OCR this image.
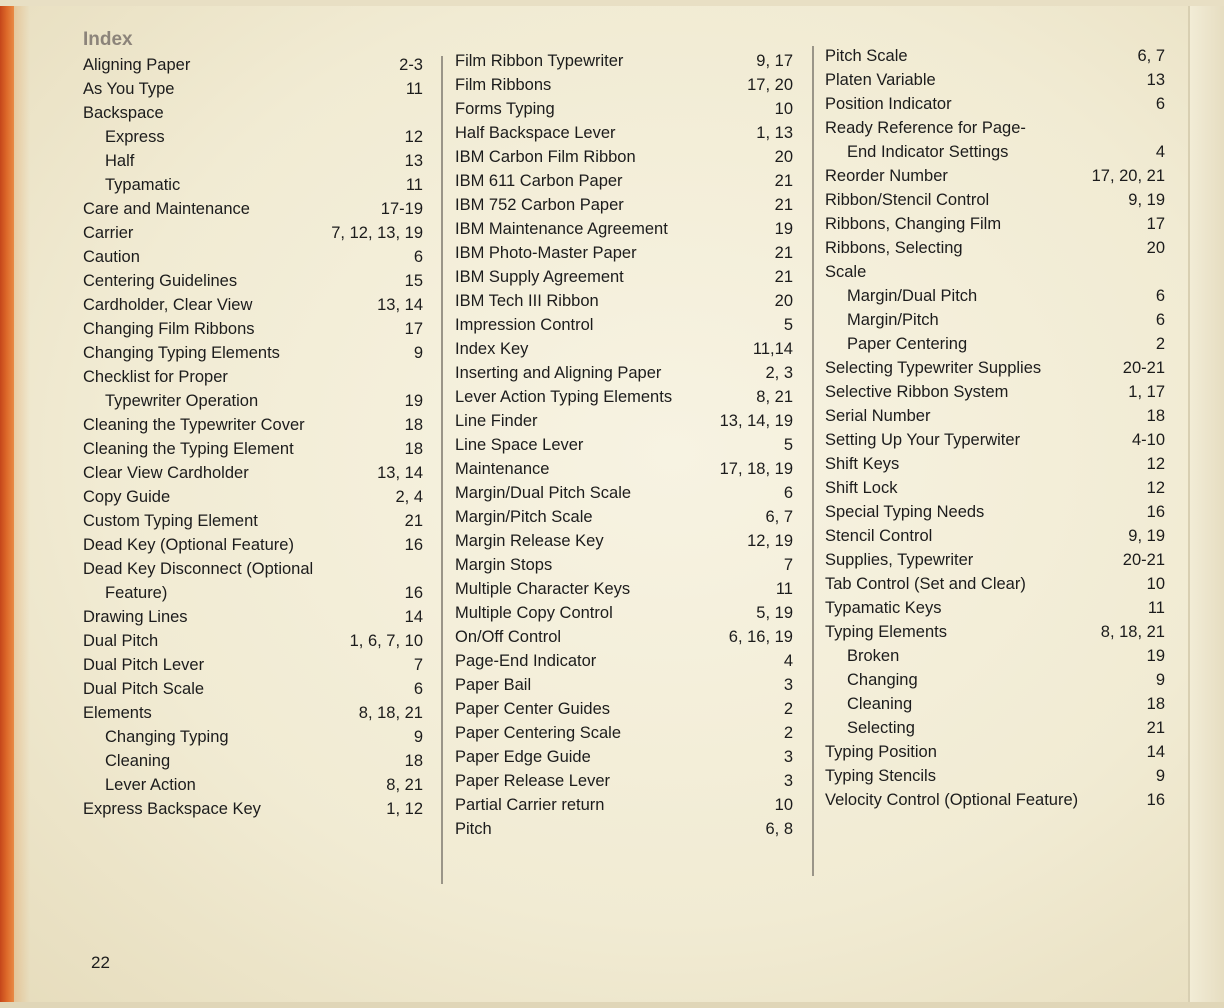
Index
Aligning Paper	2-3
As You Type	11
Backspace
Express	12
Half	13
Typamatic	11
Care and Maintenance	17-19
Carrier	7, 12, 13, 19
Caution	6
Centering Guidelines	15
Cardholder, Clear View	13, 14
Changing Film Ribbons	17
Changing Typing Elements	9
Checklist for Proper
Typewriter Operation	19
Cleaning the Typewriter Cover	18
Cleaning the Typing Element	18
Clear View Cardholder	13, 14
Copy Guide	2, 4
Custom Typing Element	21
Dead Key (Optional Feature)	16
Dead Key Disconnect (Optional
Feature)	16
Drawing Lines	14
Dual Pitch	1, 6, 7, 10
Dual Pitch Lever	7
Dual Pitch Scale	6
Elements	8, 18, 21
Changing Typing	9
Cleaning	18
Lever Action	8, 21
Express Backspace Key	1, 12
Film Ribbon Typewriter	9, 17
Film Ribbons	17, 20
Forms Typing	10
Half Backspace Lever	1, 13
IBM Carbon Film Ribbon	20
IBM 611 Carbon Paper	21
IBM 752 Carbon Paper	21
IBM Maintenance Agreement	19
IBM Photo-Master Paper	21
IBM Supply Agreement	21
IBM Tech III Ribbon	20
Impression Control	5
Index Key	11,14
Inserting and Aligning Paper	2, 3
Lever Action Typing Elements	8, 21
Line Finder	13, 14, 19
Line Space Lever	5
Maintenance	17, 18, 19
Margin/Dual Pitch Scale	6
Margin/Pitch Scale	6, 7
Margin Release Key	12, 19
Margin Stops	7
Multiple Character Keys	11
Multiple Copy Control	5, 19
On/Off Control	6, 16, 19
Page-End Indicator	4
Paper Bail	3
Paper Center Guides	2
Paper Centering Scale	2
Paper Edge Guide	3
Paper Release Lever	3
Partial Carrier return	10
Pitch	6, 8
Pitch Scale	6, 7
Platen Variable	13
Position Indicator	6
Ready Reference for Page-
End Indicator Settings	4
Reorder Number	17, 20, 21
Ribbon/Stencil Control	9, 19
Ribbons, Changing Film	17
Ribbons, Selecting	20
Scale
Margin/Dual Pitch	6
Margin/Pitch	6
Paper Centering	2
Selecting Typewriter Supplies	20-21
Selective Ribbon System	1, 17
Serial Number	18
Setting Up Your Typerwiter	4-10
Shift Keys	12
Shift Lock	12
Special Typing Needs	16
Stencil Control	9, 19
Supplies, Typewriter	20-21
Tab Control (Set and Clear)	10
Typamatic Keys	11
Typing Elements	8, 18, 21
Broken	19
Changing	9
Cleaning	18
Selecting	21
Typing Position	14
Typing Stencils	9
Velocity Control (Optional Feature)	16
22
